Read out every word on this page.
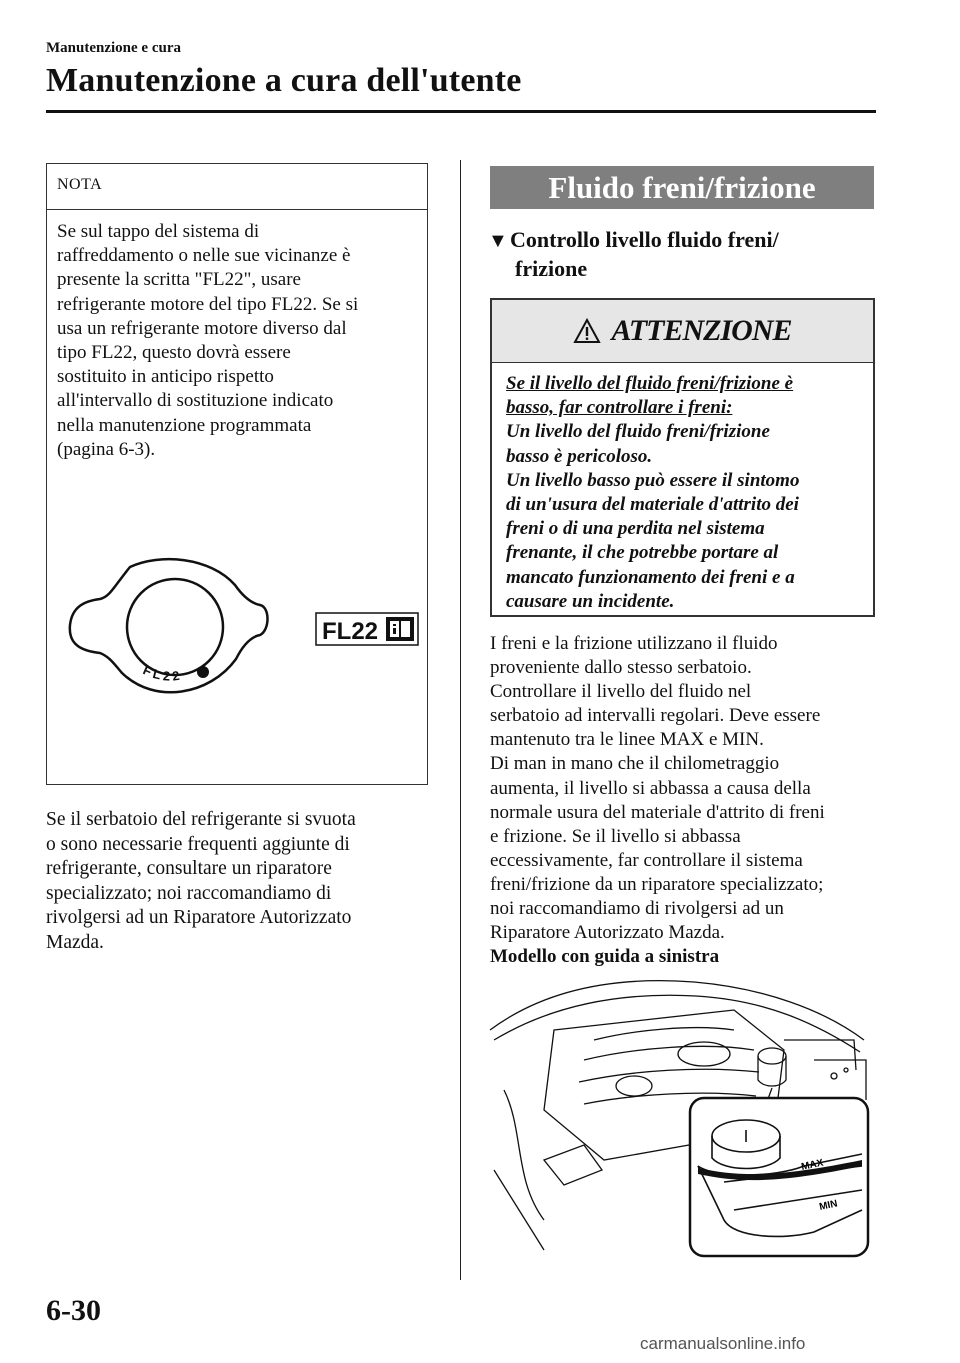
Manutenzione e cura
Manutenzione a cura dell'utente
NOTA

Se sul tappo del sistema di

raffreddamento o nelle sue vicinanze è

presente la scritta "FL22", usare

refrigerante motore del tipo FL22. Se si

usa un refrigerante motore diverso dal

tipo FL22, questo dovrà essere

sostituito in anticipo rispetto

all'intervallo di sostituzione indicato

nella manutenzione programmata

(pagina 6-3).

FL22
FL22

Se il serbatoio del refrigerante si svuota

o sono necessarie frequenti aggiunte di

refrigerante, consultare un riparatore

specializzato; noi raccomandiamo di

rivolgersi ad un Riparatore Autorizzato

Mazda.

Fluido freni/frizione
▼ Controllo livello fluido freni/
frizione
ATTENZIONE

Se il livello del fluido freni/frizione è

basso, far controllare i freni:

Un livello del fluido freni/frizione

basso è pericoloso.

Un livello basso può essere il sintomo

di un'usura del materiale d'attrito dei

freni o di una perdita nel sistema

frenante, il che potrebbe portare al

mancato funzionamento dei freni e a

causare un incidente.

I freni e la frizione utilizzano il fluido

proveniente dallo stesso serbatoio.

Controllare il livello del fluido nel

serbatoio ad intervalli regolari. Deve essere

mantenuto tra le linee MAX e MIN.

Di man in mano che il chilometraggio

aumenta, il livello si abbassa a causa della

normale usura del materiale d'attrito di freni

e frizione. Se il livello si abbassa

eccessivamente, far controllare il sistema

freni/frizione da un riparatore specializzato;

noi raccomandiamo di rivolgersi ad un

Riparatore Autorizzato Mazda.

Modello con guida a sinistra

MAX
MIN
6-30
carmanualsonline.info
